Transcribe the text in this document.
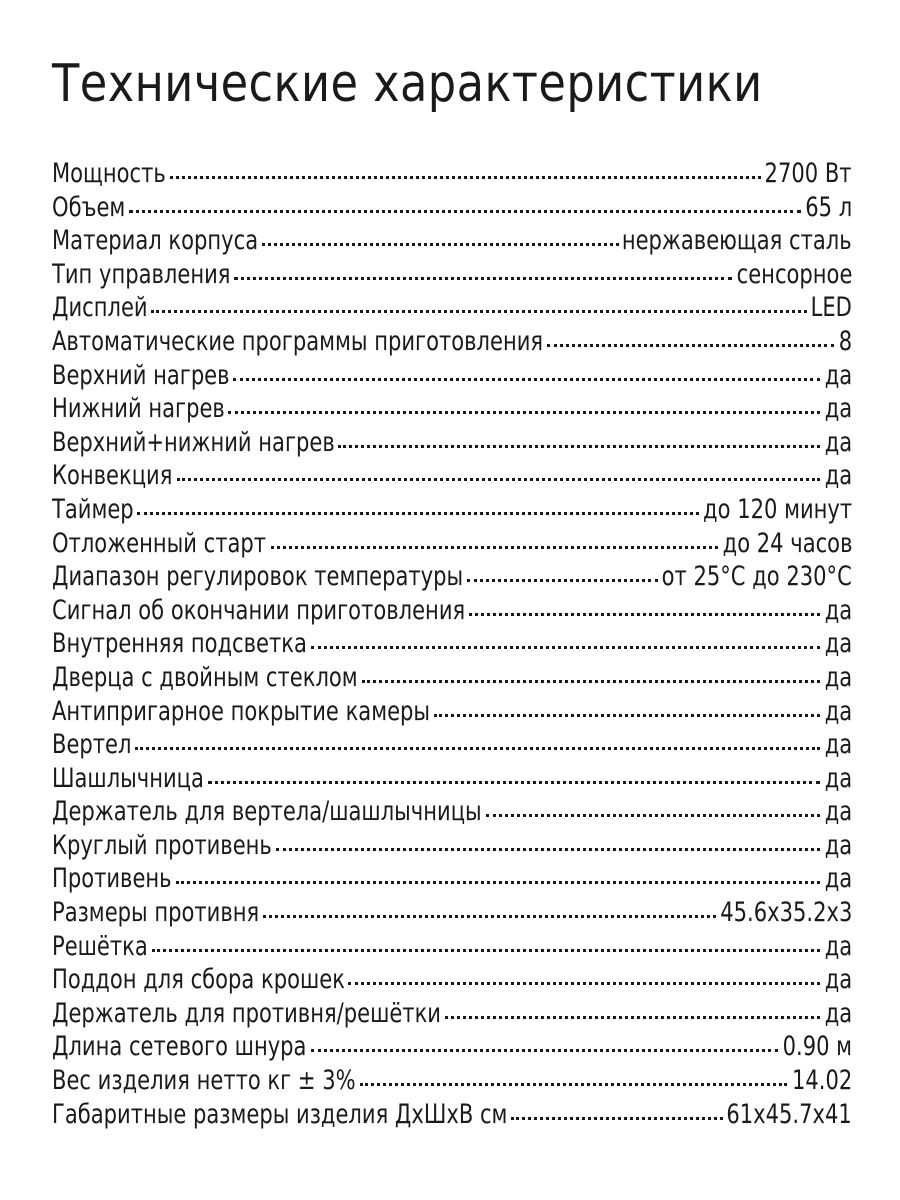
Технические характеристики
Мощность	2700 Вт
Объем	65 л
Материал корпуса	нержавеющая сталь
Тип управления	сенсорное
Дисплей	LED
Автоматические программы приготовления	8
Верхний нагрев	да
Нижний нагрев	да
Верхний+нижний нагрев	да
Конвекция	да
Таймер	до 120 минут
Отложенный старт	до 24 часов
Диапазон регулировок температуры	от 25°C до 230°C
Сигнал об окончании приготовления	да
Внутренняя подсветка	да
Дверца с двойным стеклом	да
Антипригарное покрытие камеры	да
Вертел	да
Шашлычница	да
Держатель для вертела/шашлычницы	да
Круглый противень	да
Противень	да
Размеры противня	45.6x35.2x3
Решётка	да
Поддон для сбора крошек	да
Держатель для противня/решётки	да
Длина сетевого шнура	0.90 м
Вес изделия нетто кг ± 3%	14.02
Габаритные размеры изделия ДхШхВ см	61x45.7x41
